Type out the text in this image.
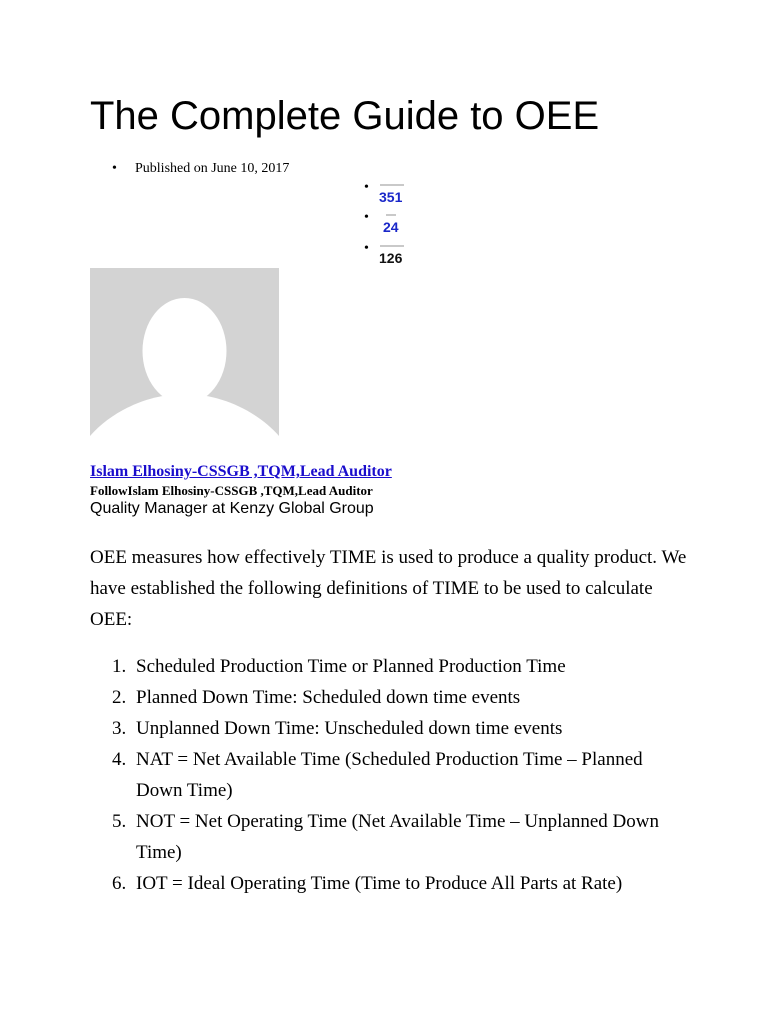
The Complete Guide to OEE
• Published on June 10, 2017
•
351
•
24
•
126
Islam Elhosiny-CSSGB ,TQM,Lead Auditor
FollowIslam Elhosiny-CSSGB ,TQM,Lead Auditor
Quality Manager at Kenzy Global Group

OEE measures how effectively TIME is used to produce a quality product. We have established the following definitions of TIME to be used to calculate OEE:

1. Scheduled Production Time or Planned Production Time
2. Planned Down Time: Scheduled down time events
3. Unplanned Down Time: Unscheduled down time events
4. NAT = Net Available Time (Scheduled Production Time – Planned Down Time)
5. NOT = Net Operating Time (Net Available Time – Unplanned Down Time)
6. IOT = Ideal Operating Time (Time to Produce All Parts at Rate)
